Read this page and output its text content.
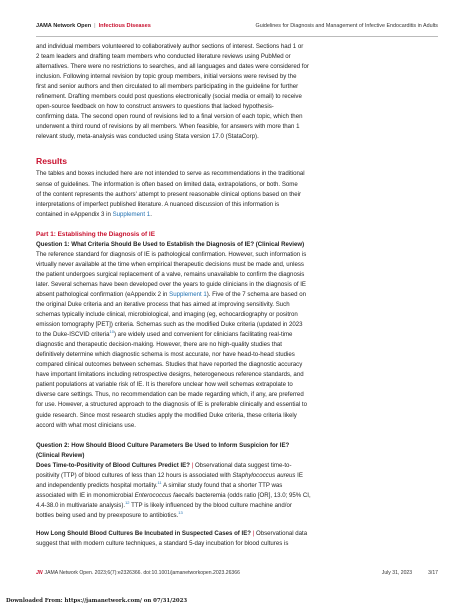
JAMA Network Open | Infectious Diseases	Guidelines for Diagnosis and Management of Infective Endocarditis in Adults

and individual members volunteered to collaboratively author sections of interest. Sections had 1 or

2 team leaders and drafting team members who conducted literature reviews using PubMed or

alternatives. There were no restrictions to searches, and all languages and dates were considered for

inclusion. Following internal revision by topic group members, initial versions were revised by the

first and senior authors and then circulated to all members participating in the guideline for further

refinement. Drafting members could post questions electronically (social media or email) to receive

open-source feedback on how to construct answers to questions that lacked hypothesis-

confirming data. The second open round of revisions led to a final version of each topic, which then

underwent a third round of revisions by all members. When feasible, for answers with more than 1

relevant study, meta-analysis was conducted using Stata version 17.0 (StataCorp).

Results

The tables and boxes included here are not intended to serve as recommendations in the traditional

sense of guidelines. The information is often based on limited data, extrapolations, or both. Some

of the content represents the authors' attempt to present reasonable clinical options based on their

interpretations of imperfect published literature. A nuanced discussion of this information is

contained in eAppendix 3 in Supplement 1.

Part 1: Establishing the Diagnosis of IE
Question 1: What Criteria Should Be Used to Establish the Diagnosis of IE? (Clinical Review)

The reference standard for diagnosis of IE is pathological confirmation. However, such information is

virtually never available at the time when empirical therapeutic decisions must be made and, unless

the patient undergoes surgical replacement of a valve, remains unavailable to confirm the diagnosis

later. Several schemas have been developed over the years to guide clinicians in the diagnosis of IE

absent pathological confirmation (eAppendix 2 in Supplement 1). Five of the 7 schema are based on

the original Duke criteria and an iterative process that has aimed at improving sensitivity. Such

schemas typically include clinical, microbiological, and imaging (eg, echocardiography or positron

emission tomography [PET]) criteria. Schemas such as the modified Duke criteria (updated in 2023

to the Duke-ISCVID criteria$^{10}$) are widely used and convenient for clinicians facilitating real-time

diagnostic and therapeutic decision-making. However, there are no high-quality studies that

definitively determine which diagnostic schema is most accurate, nor have head-to-head studies

compared clinical outcomes between schemas. Studies that have reported the diagnostic accuracy

have important limitations including retrospective designs, heterogeneous reference standards, and

patient populations at variable risk of IE. It is therefore unclear how well schemas extrapolate to

diverse care settings. Thus, no recommendation can be made regarding which, if any, are preferred

for use. However, a structured approach to the diagnosis of IE is preferable clinically and essential to

guide research. Since most research studies apply the modified Duke criteria, these criteria likely

accord with what most clinicians use.

Question 2: How Should Blood Culture Parameters Be Used to Inform Suspicion for IE?
(Clinical Review)

Does Time-to-Positivity of Blood Cultures Predict IE? | Observational data suggest time-to-

positivity (TTP) of blood cultures of less than 12 hours is associated with Staphylococcus aureus IE

and independently predicts hospital mortality.$^{11}$ A similar study found that a shorter TTP was

associated with IE in monomicrobial Enterococcus faecalis bacteremia (odds ratio [OR], 13.0; 95% CI,

4.4-38.0 in multivariate analysis).$^{12}$ TTP is likely influenced by the blood culture machine and/or

bottles being used and by preexposure to antibiotics.$^{13}$

How Long Should Blood Cultures Be Incubated in Suspected Cases of IE? | Observational data

suggest that with modern culture techniques, a standard 5-day incubation for blood cultures is

JN JAMA Network Open. 2023;6(7):e2326366. doi:10.1001/jamanetworkopen.2023.26366	July 31, 2023	3/17
Downloaded From: https://jamanetwork.com/ on 07/31/2023
